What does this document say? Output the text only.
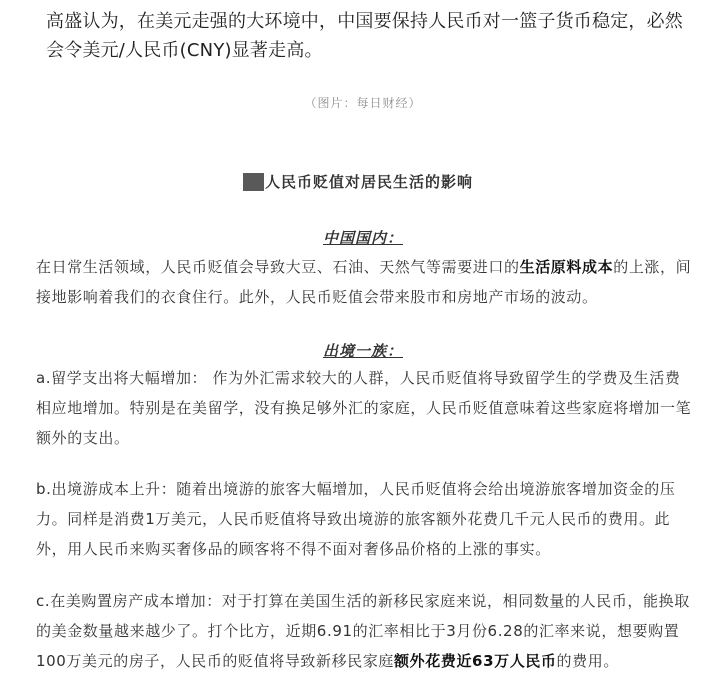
高盛认为，在美元走强的大环境中，中国要保持人民币对一篮子货币稳定，必然会令美元/人民币(CNY)显著走高。
（图片：每日财经）
人民币贬值对居民生活的影响
中国国内：
在日常生活领域，人民币贬值会导致大豆、石油、天然气等需要进口的生活原料成本的上涨，间接地影响着我们的衣食住行。此外，人民币贬值会带来股市和房地产市场的波动。
出境一族：
a.留学支出将大幅增加： 作为外汇需求较大的人群，人民币贬值将导致留学生的学费及生活费相应地增加。特别是在美留学，没有换足够外汇的家庭，人民币贬值意味着这些家庭将增加一笔额外的支出。
b.出境游成本上升：随着出境游的旅客大幅增加，人民币贬值将会给出境游旅客增加资金的压力。同样是消费1万美元，人民币贬值将导致出境游的旅客额外花费几千元人民币的费用。此外，用人民币来购买奢侈品的顾客将不得不面对奢侈品价格的上涨的事实。
c.在美购置房产成本增加：对于打算在美国生活的新移民家庭来说，相同数量的人民币，能换取的美金数量越来越少了。打个比方，近期6.91的汇率相比于3月份6.28的汇率来说，想要购置100万美元的房子，人民币的贬值将导致新移民家庭额外花费近63万人民币的费用。
